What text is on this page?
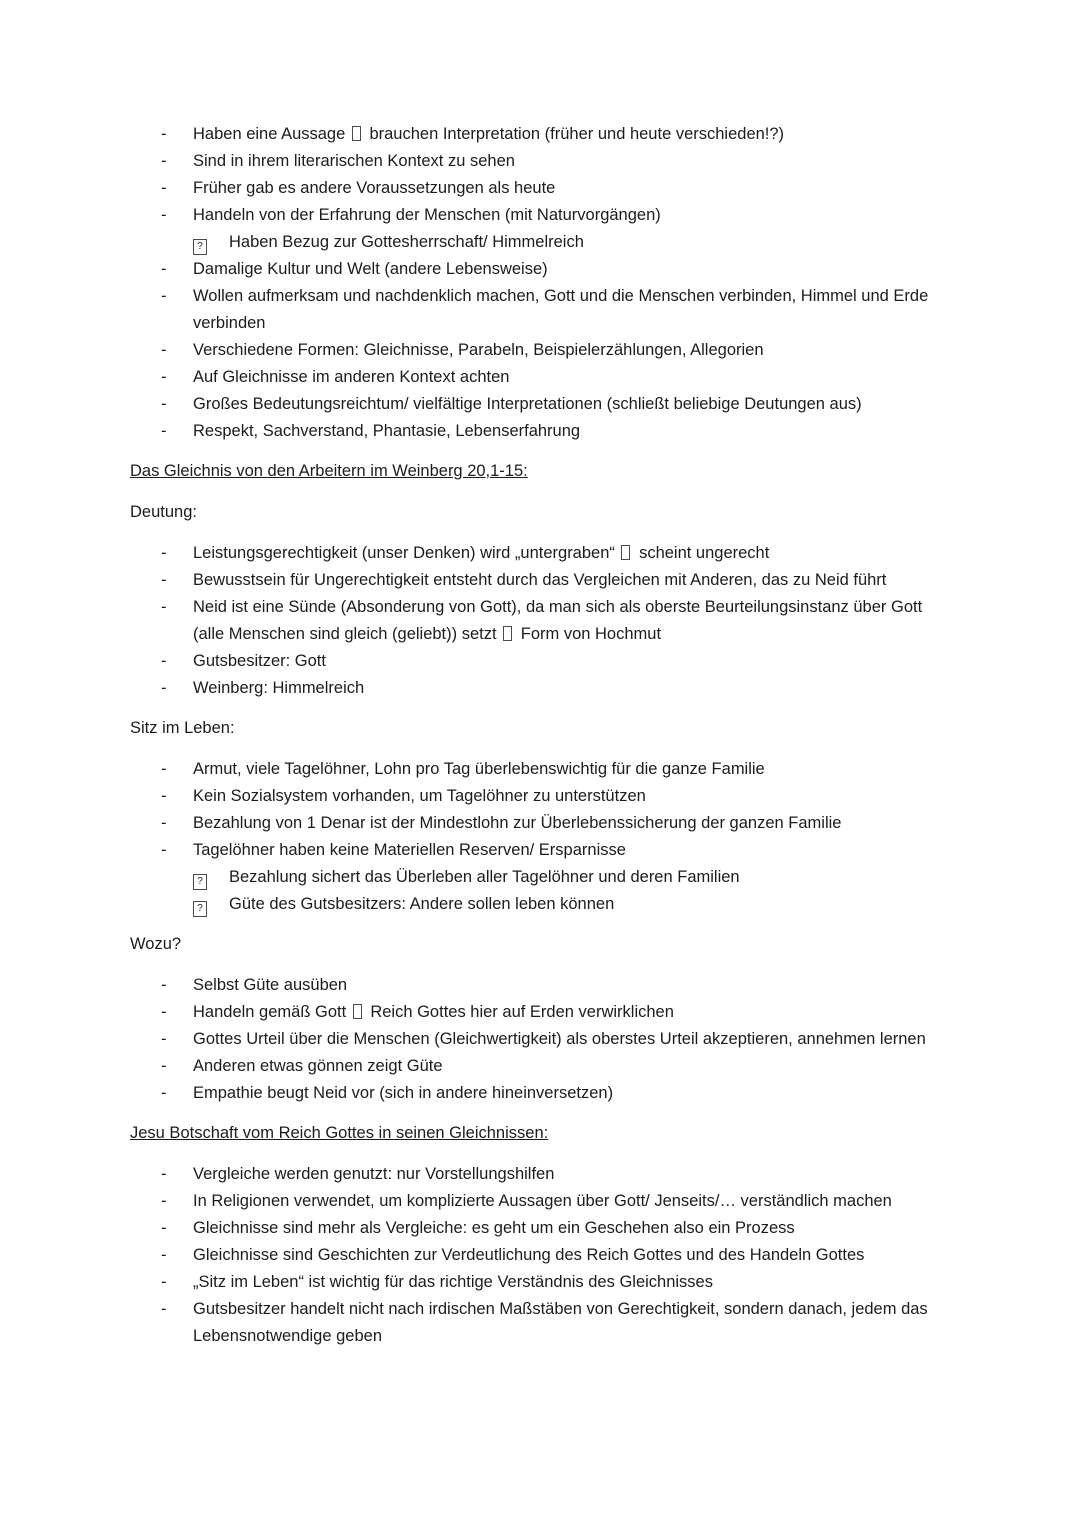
-	Haben eine Aussage  brauchen Interpretation (früher und heute verschieden!?)
-	Sind in ihrem literarischen Kontext zu sehen
-	Früher gab es andere Voraussetzungen als heute
-	Handeln von der Erfahrung der Menschen (mit Naturvorgängen)
?	Haben Bezug zur Gottesherrschaft/ Himmelreich
-	Damalige Kultur und Welt (andere Lebensweise)
-	Wollen aufmerksam und nachdenklich machen, Gott und die Menschen verbinden, Himmel und Erde verbinden
-	Verschiedene Formen: Gleichnisse, Parabeln, Beispielerzählungen, Allegorien
-	Auf Gleichnisse im anderen Kontext achten
-	Großes Bedeutungsreichtum/ vielfältige Interpretationen (schließt beliebige Deutungen aus)
-	Respekt, Sachverstand, Phantasie, Lebenserfahrung
Das Gleichnis von den Arbeitern im Weinberg 20,1-15:
Deutung:
-	Leistungsgerechtigkeit (unser Denken) wird „untergraben“  scheint ungerecht
-	Bewusstsein für Ungerechtigkeit entsteht durch das Vergleichen mit Anderen, das zu Neid führt
-	Neid ist eine Sünde (Absonderung von Gott), da man sich als oberste Beurteilungsinstanz über Gott (alle Menschen sind gleich (geliebt)) setzt  Form von Hochmut
-	Gutsbesitzer: Gott
-	Weinberg: Himmelreich
Sitz im Leben:
-	Armut, viele Tagelöhner, Lohn pro Tag überlebenswichtig für die ganze Familie
-	Kein Sozialsystem vorhanden, um Tagelöhner zu unterstützen
-	Bezahlung von 1 Denar ist der Mindestlohn zur Überlebenssicherung der ganzen Familie
-	Tagelöhner haben keine Materiellen Reserven/ Ersparnisse
?	Bezahlung sichert das Überleben aller Tagelöhner und deren Familien
?	Güte des Gutsbesitzers: Andere sollen leben können
Wozu?
-	Selbst Güte ausüben
-	Handeln gemäß Gott  Reich Gottes hier auf Erden verwirklichen
-	Gottes Urteil über die Menschen (Gleichwertigkeit) als oberstes Urteil akzeptieren, annehmen lernen
-	Anderen etwas gönnen zeigt Güte
-	Empathie beugt Neid vor (sich in andere hineinversetzen)
Jesu Botschaft vom Reich Gottes in seinen Gleichnissen:
-	Vergleiche werden genutzt: nur Vorstellungshilfen
-	In Religionen verwendet, um komplizierte Aussagen über Gott/ Jenseits/… verständlich machen
-	Gleichnisse sind mehr als Vergleiche: es geht um ein Geschehen also ein Prozess
-	Gleichnisse sind Geschichten zur Verdeutlichung des Reich Gottes und des Handeln Gottes
-	„Sitz im Leben“ ist wichtig für das richtige Verständnis des Gleichnisses
-	Gutsbesitzer handelt nicht nach irdischen Maßstäben von Gerechtigkeit, sondern danach, jedem das Lebensnotwendige geben
